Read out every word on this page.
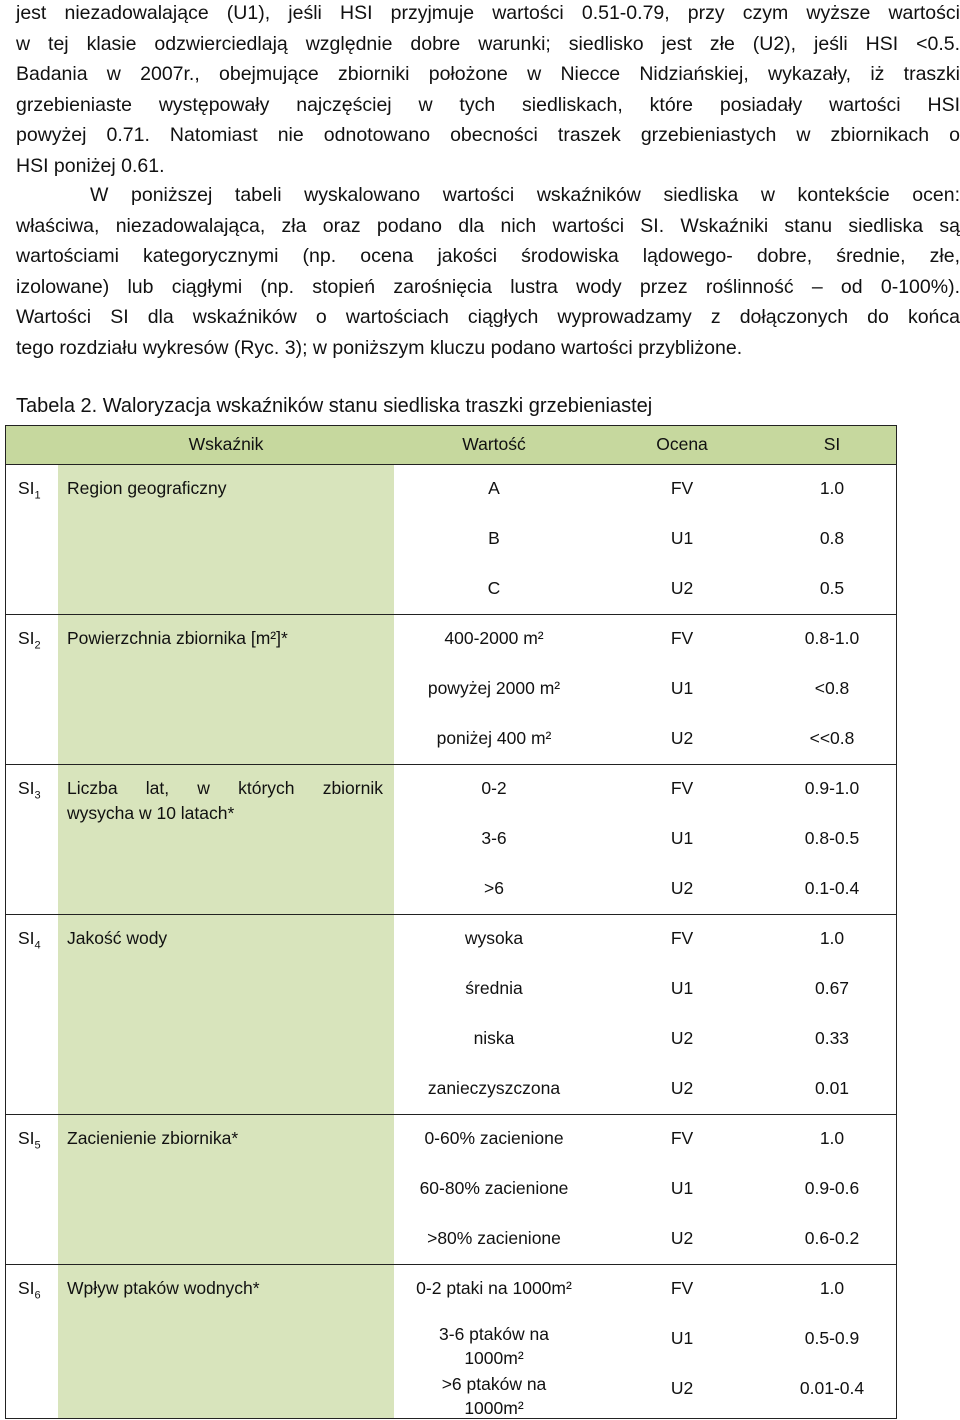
jest niezadowalające (U1), jeśli HSI przyjmuje wartości 0.51-0.79, przy czym wyższe wartości
w tej klasie odzwierciedlają względnie dobre warunki; siedlisko jest złe (U2), jeśli HSI <0.5.
Badania w 2007r., obejmujące zbiorniki położone w Niecce Nidziańskiej, wykazały, iż traszki
grzebieniaste występowały najczęściej w tych siedliskach, które posiadały wartości HSI
powyżej 0.71. Natomiast nie odnotowano obecności traszek grzebieniastych w zbiornikach o
HSI poniżej 0.61.
W poniższej tabeli wyskalowano wartości wskaźników siedliska w kontekście ocen:
właściwa, niezadowalająca, zła oraz podano dla nich wartości SI. Wskaźniki stanu siedliska są
wartościami kategorycznymi (np. ocena jakości środowiska lądowego- dobre, średnie, złe,
izolowane) lub ciągłymi (np. stopień zarośnięcia lustra wody przez roślinność – od 0-100%).
Wartości SI dla wskaźników o wartościach ciągłych wyprowadzamy z dołączonych do końca
tego rozdziału wykresów (Ryc. 3); w poniższym kluczu podano wartości przybliżone.
Tabela 2. Waloryzacja wskaźników stanu siedliska traszki grzebieniastej
Wskaźnik	Wartość	Ocena	SI
$SI_1$ Region geograficzny	A	FV	1.0
B	U1	0.8
C	U2	0.5
$SI_2$ Powierzchnia zbiornika [m²]*	400-2000 m²	FV	0.8-1.0
powyżej 2000 m²	U1	<0.8
poniżej 400 m²	U2	<<0.8
$SI_3$ Liczba lat, w których zbiornik
wysycha w 10 latach*
0-2	FV	0.9-1.0
3-6	U1	0.8-0.5
>6	U2	0.1-0.4
$SI_4$ Jakość wody	wysoka	FV	1.0
średnia	U1	0.67
niska	U2	0.33
zanieczyszczona	U2	0.01
$SI_5$ Zacienienie zbiornika*	0-60% zacienione	FV	1.0
60-80% zacienione	U1	0.9-0.6
>80% zacienione	U2	0.6-0.2
$SI_6$ Wpływ ptaków wodnych*	0-2 ptaki na 1000m²	FV	1.0
3-6 ptaków na
1000m²
U1	0.5-0.9
>6 ptaków na
1000m²
U2	0.01-0.4
